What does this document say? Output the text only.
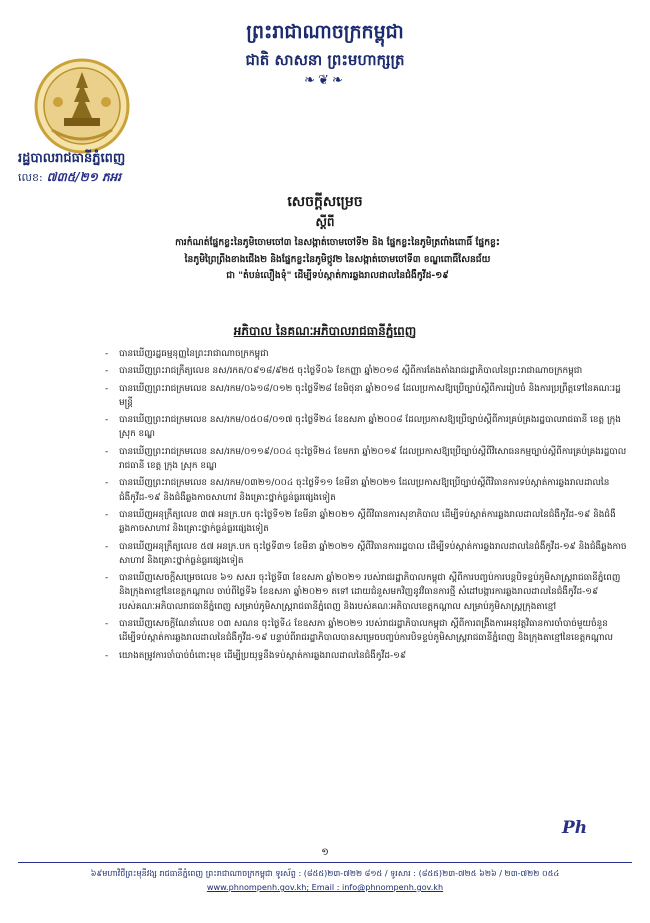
ព្រះរាជាណាចក្រកម្ពុជា
ជាតិ សាសនា ព្រះមហាក្សត្រ
❧❦❧
រដ្ឋបាលរាជធានីភ្នំពេញ
លេខ: ៧៣៥/២១ ភអរ
សេចក្តីសម្រេច
ស្តីពី
ការកំណត់ផ្នែកខ្លះនៃភូមិចោមចៅ៣ នៃសង្កាត់ចោមចៅទី២ និង ផ្នែកខ្លះនៃភូមិត្រពាំងពោធិ៍ ផ្នែកខ្លះ
នៃភូមិព្រៃព្រីងខាងជើង២ និងផ្នែកខ្លះនៃភូមិថ្កូវ២ នៃសង្កាត់ចោមចៅទី៣ ខណ្ឌពោធិ៍សែនជ័យ
ជា "តំបន់លឿងទុំ" ដើម្បីទប់ស្កាត់ការឆ្លងរាលដាលនៃជំងឺកូវីដ-១៩
អភិបាល នៃគណៈអភិបាលរាជធានីភ្នំពេញ
- បានឃើញរដ្ឋធម្មនុញ្ញនៃព្រះរាជាណាចក្រកម្ពុជា
- បានឃើញព្រះរាជក្រឹត្យលេខ នស/រកត/០៩១៨/៩២៥ ចុះថ្ងៃទី០៦ ខែកញ្ញា ឆ្នាំ២០១៨ ស្តីពីការតែងតាំងរាជរដ្ឋាភិបាលនៃព្រះរាជាណាចក្រកម្ពុជា
- បានឃើញព្រះរាជក្រមលេខ នស/រកម/០៦១៨/០១២ ចុះថ្ងៃទី២៨ ខែមិថុនា ឆ្នាំ២០១៨ ដែលប្រកាសឱ្យប្រើច្បាប់ស្តីពីការរៀបចំ និងការប្រព្រឹត្តទៅនៃគណៈរដ្ឋមន្ត្រី
- បានឃើញព្រះរាជក្រមលេខ នស/រកម/០៥០៨/០១៧ ចុះថ្ងៃទី២៤ ខែឧសភា ឆ្នាំ២០០៨ ដែលប្រកាសឱ្យប្រើច្បាប់ស្តីពីការគ្រប់គ្រងរដ្ឋបាលរាជធានី ខេត្ត ក្រុង ស្រុក ខណ្ឌ
- បានឃើញព្រះរាជក្រមលេខ នស/រកម/០១១៩/០០៤ ចុះថ្ងៃទី២៤ ខែមករា ឆ្នាំ២០១៩ ដែលប្រកាសឱ្យប្រើច្បាប់ស្តីពីវិសោធនកម្មច្បាប់ស្តីពីការគ្រប់គ្រងរដ្ឋបាលរាជធានី ខេត្ត ក្រុង ស្រុក ខណ្ឌ
- បានឃើញព្រះរាជក្រមលេខ នស/រកម/០៣២១/០០៤ ចុះថ្ងៃទី១១ ខែមីនា ឆ្នាំ២០២១ ដែលប្រកាសឱ្យប្រើច្បាប់ស្តីពីវិធានការទប់ស្កាត់ការឆ្លងរាលដាលនៃជំងឺកូវីដ-១៩ និងជំងឺឆ្លងកាចសាហាវ និងគ្រោះថ្នាក់ធ្ងន់ធ្ងរផ្សេងទៀត
- បានឃើញអនុក្រឹត្យលេខ ៣៧ អនក្រ.បក ចុះថ្ងៃទី១២ ខែមីនា ឆ្នាំ២០២១ ស្តីពីវិធានការសុខាភិបាល ដើម្បីទប់ស្កាត់ការឆ្លងរាលដាលនៃជំងឺកូវីដ-១៩ និងជំងឺឆ្លងកាចសាហាវ និងគ្រោះថ្នាក់ធ្ងន់ធ្ងរផ្សេងទៀត
- បានឃើញអនុក្រឹត្យលេខ ៥៧ អនក្រ.បក ចុះថ្ងៃទី៣១ ខែមីនា ឆ្នាំ២០២១ ស្តីពីវិធានការរដ្ឋបាល ដើម្បីទប់ស្កាត់ការឆ្លងរាលដាលនៃជំងឺកូវីដ-១៩ និងជំងឺឆ្លងកាចសាហាវ និងគ្រោះថ្នាក់ធ្ងន់ធ្ងរផ្សេងទៀត
- បានឃើញសេចក្តីសម្រេចលេខ ៦១ សសរ ចុះថ្ងៃទី៣ ខែឧសភា ឆ្នាំ២០២១ របស់រាជរដ្ឋាភិបាលកម្ពុជា ស្តីពីការបញ្ចប់ការបន្តបិទខ្ទប់ភូមិសាស្ត្ររាជធានីភ្នំពេញ និងក្រុងតាខ្មៅនៃខេត្តកណ្តាល ចាប់ពីថ្ងៃទី៦ ខែឧសភា ឆ្នាំ២០២១ តទៅ ដោយជំនួសមកវិញនូវវិធានការថ្មី សំដៅបង្ការការឆ្លងរាលដាលនៃជំងឺកូវីដ-១៩ របស់គណៈអភិបាលរាជធានីភ្នំពេញ សម្រាប់ភូមិសាស្ត្ររាជធានីភ្នំពេញ និងរបស់គណៈអភិបាលខេត្តកណ្តាល សម្រាប់ភូមិសាស្ត្រក្រុងតាខ្មៅ
- បានឃើញសេចក្តីណែនាំលេខ ០៣ សណន ចុះថ្ងៃទី៤ ខែឧសភា ឆ្នាំ២០២១ របស់រាជរដ្ឋាភិបាលកម្ពុជា ស្តីពីការពង្រឹងការអនុវត្តវិធានការចាំបាច់មួយចំនួន ដើម្បីទប់ស្កាត់ការឆ្លងរាលដាលនៃជំងឺកូវីដ-១៩ បន្ទាប់ពីរាជរដ្ឋាភិបាលបានសម្រេចបញ្ចប់ការបិទខ្ទប់ភូមិសាស្ត្ររាជធានីភ្នំពេញ និងក្រុងតាខ្មៅនៃខេត្តកណ្តាល
- យោងតម្រូវការចាំបាច់ចំពោះមុខ ដើម្បីប្រយុទ្ធនឹងទប់ស្កាត់ការឆ្លងរាលដាលនៃជំងឺកូវីដ-១៩
Ph
១
៦៩មហាវិថីព្រះមុនីវង្ស រាជធានីភ្នំពេញ ព្រះរាជាណាចក្រកម្ពុជា ទូរស័ព្ទ : (៨៥៥)២៣-៧២២ ៨១៥ / ទូរសារ : (៨៥៥)២៣-៧២៥ ៦២៦ / ២៣-៧២២ ០៥៤
www.phnompenh.gov.kh; Email : info@phnompenh.gov.kh
